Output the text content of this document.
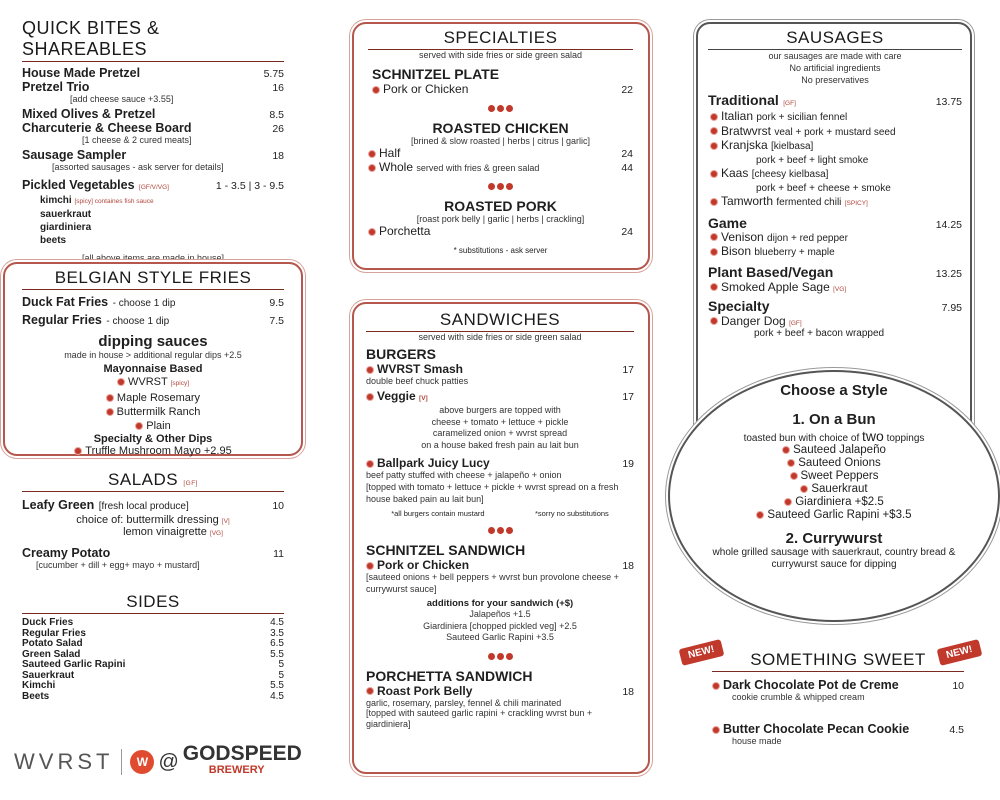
QUICK BITES & SHAREABLES
House Made Pretzel	5.75
Pretzel Trio	16
[add cheese sauce +3.55]
Mixed Olives & Pretzel	8.5
Charcuterie & Cheese Board	26
[1 cheese & 2 cured meats]
Sausage Sampler	18
[assorted sausages - ask server for details]
Pickled Vegetables [GF/V/VG]	1 - 3.5 | 3 - 9.5
kimchi [spicy] containes fish sauce
sauerkraut
giardiniera
beets
[all above items are made in house]
BELGIAN STYLE FRIES
Duck Fat Fries - choose 1 dip	9.5
Regular Fries - choose 1 dip	7.5
dipping sauces
made in house > additional regular dips +2.5
Mayonnaise Based
WVRST [spicy]
Maple Rosemary
Buttermilk Ranch
Plain
Specialty & Other Dips
Truffle Mushroom Mayo +2.95
SALADS [GF]
Leafy Green [fresh local produce]	10
choice of: buttermilk dressing [V]
lemon vinaigrette [VG]
Creamy Potato	11
[cucumber + dill + egg+ mayo + mustard]
SIDES
Duck Fries	4.5
Regular Fries	3.5
Potato Salad	6.5
Green Salad	5.5
Sauteed Garlic Rapini	5
Sauerkraut	5
Kimchi	5.5
Beets	4.5
WVRST	W @ GODSPEED
BREWERY
SPECIALTIES
served with side fries or side green salad
SCHNITZEL PLATE
Pork or Chicken	22
ROASTED CHICKEN
[brined & slow roasted | herbs | citrus | garlic]
Half	24
Whole served with fries & green salad	44
ROASTED PORK
[roast pork belly | garlic | herbs | crackling]
Porchetta	24
* substitutions - ask server
SANDWICHES
served with side fries or side green salad
BURGERS
WVRST Smash	17
double beef chuck patties
Veggie [V]	17
above burgers are topped with
cheese + tomato + lettuce + pickle
caramelized onion + wvrst spread
on a house baked fresh pain au lait bun
Ballpark Juicy Lucy	19
beef patty stuffed with cheese + jalapeño + onion
[topped with tomato + lettuce + pickle + wvrst spread on a fresh house baked pain au lait bun]
*all burgers contain mustard	*sorry no substitutions
SCHNITZEL SANDWICH
Pork or Chicken	18
[sauteed onions + bell peppers + wvrst bun provolone cheese + currywurst sauce]
additions for your sandwich (+$)
Jalapeños +1.5
Giardiniera [chopped pickled veg] +2.5
Sauteed Garlic Rapini +3.5
PORCHETTA SANDWICH
Roast Pork Belly	18
garlic, rosemary, parsley, fennel & chili marinated
[topped with sauteed garlic rapini + crackling wvrst bun + giardiniera]
SAUSAGES
our sausages are made with care
No artificial ingredients
No preservatives
Traditional [GF]	13.75
Italian pork + sicilian fennel
Bratwvrst veal + pork + mustard seed
Kranjska [kielbasa]
pork + beef + light smoke
Kaas [cheesy kielbasa]
pork + beef + cheese + smoke
Tamworth fermented chili [SPICY]
Game	14.25
Venison dijon + red pepper
Bison blueberry + maple
Plant Based/Vegan	13.25
Smoked Apple Sage [VG]
Specialty	7.95
Danger Dog [GF]
pork + beef + bacon wrapped
Choose a Style
1. On a Bun
toasted bun with choice of two toppings
Sauteed Jalapeño
Sauteed Onions
Sweet Peppers
Sauerkraut
Giardiniera +$2.5
Sauteed Garlic Rapini +$3.5
2. Currywurst
whole grilled sausage with sauerkraut, country bread & currywurst sauce for dipping
NEW!	NEW!
SOMETHING SWEET
Dark Chocolate Pot de Creme	10
cookie crumble & whipped cream
Butter Chocolate Pecan Cookie	4.5
house made
